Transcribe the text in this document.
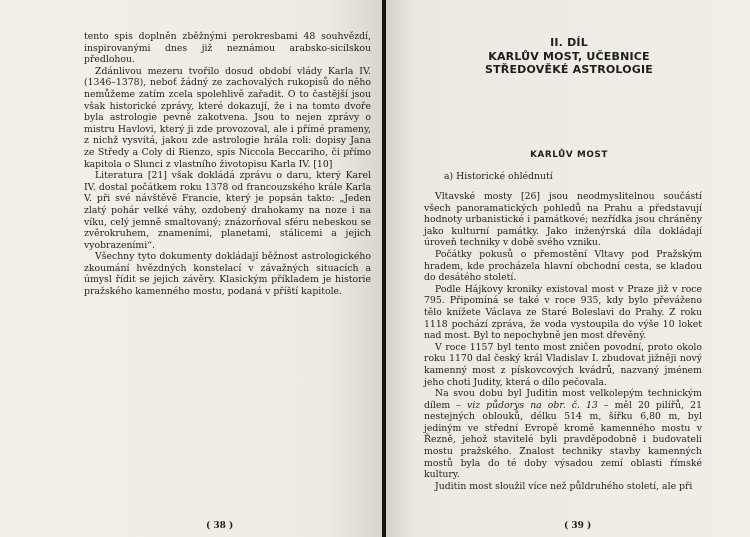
tento spis doplněn zběžnými perokresbami 48 souhvězdí, inspirovanými dnes již neznámou arabsko-sicilskou předlohou.

Zdánlivou mezeru tvořilo dosud období vlády Karla IV. (1346–1378), neboť žádný ze zachovalých rukopisů do něho nemůžeme zatím zcela spolehlivě zařadit. O to častější jsou však historické zprávy, které dokazují, že i na tomto dvoře byla astrologie pevně zakotvena. Jsou to nejen zprávy o mistru Havlovi, který ji zde provozoval, ale i přímé prameny, z nichž vysvítá, jakou zde astrologie hrála roli: dopisy Jana ze Středy a Coly di Rienzo, spis Niccola Beccariho, či přímo kapitola o Slunci z vlastního životopisu Karla IV. [10]

Literatura [21] však dokládá zprávu o daru, který Karel IV. dostal počátkem roku 1378 od francouzského krále Karla V. při své návštěvě Francie, který je popsán takto: „Jeden zlatý pohár velké váhy, ozdobený drahokamy na noze i na víku, celý jemně smaltovaný; znázorňoval sféru nebeskou se zvěrokruhem, znameními, planetami, stálicemi a jejich vyobrazeními“.

Všechny tyto dokumenty dokládají běžnost astrologického zkoumání hvězdných konstelací v závažných situacích a úmysl řídit se jejich závěry. Klasickým příkladem je historie pražského kamenného mostu, podaná v příští kapitole.

( 38 )
II. DÍL
KARLŮV MOST, UČEBNICE
STŘEDOVĚKÉ ASTROLOGIE
KARLŮV MOST
a) Historické ohlédnutí

Vltavské mosty [26] jsou neodmyslitelnou součástí všech panoramatických pohledů na Prahu a představují hodnoty urbanistické i památkové; nezřídka jsou chráněny jako kulturní památky. Jako inženýrská díla dokládají úroveň techniky v době svého vzniku.

Počátky pokusů o přemostění Vltavy pod Pražským hradem, kde procházela hlavní obchodní cesta, se kladou do desátého století.

Podle Hájkovy kroniky existoval most v Praze již v roce 795. Připomíná se také v roce 935, kdy bylo převáženo tělo knížete Václava ze Staré Boleslavi do Prahy. Z roku 1118 pochází zpráva, že voda vystoupila do výše 10 loket nad most. Byl to nepochybně jen most dřevěný.

V roce 1157 byl tento most zničen povodní, proto okolo roku 1170 dal český král Vladislav I. zbudovat jižněji nový kamenný most z pískovcových kvádrů, nazvaný jménem jeho choti Judity, která o dílo pečovala.

Na svou dobu byl Juditin most velkolepým technickým dílem – viz půdorys na obr. č. 13 – měl 20 pilířů, 21 nestejných oblouků, délku 514 m, šířku 6,80 m, byl jediným ve střední Evropě kromě kamenného mostu v Řezně, jehož stavitelé byli pravděpodobně i budovateli mostu pražského. Znalost techniky stavby kamenných mostů byla do té doby výsadou zemí oblasti římské kultury.

Juditin most sloužil více než půldruhého století, ale při

( 39 )
